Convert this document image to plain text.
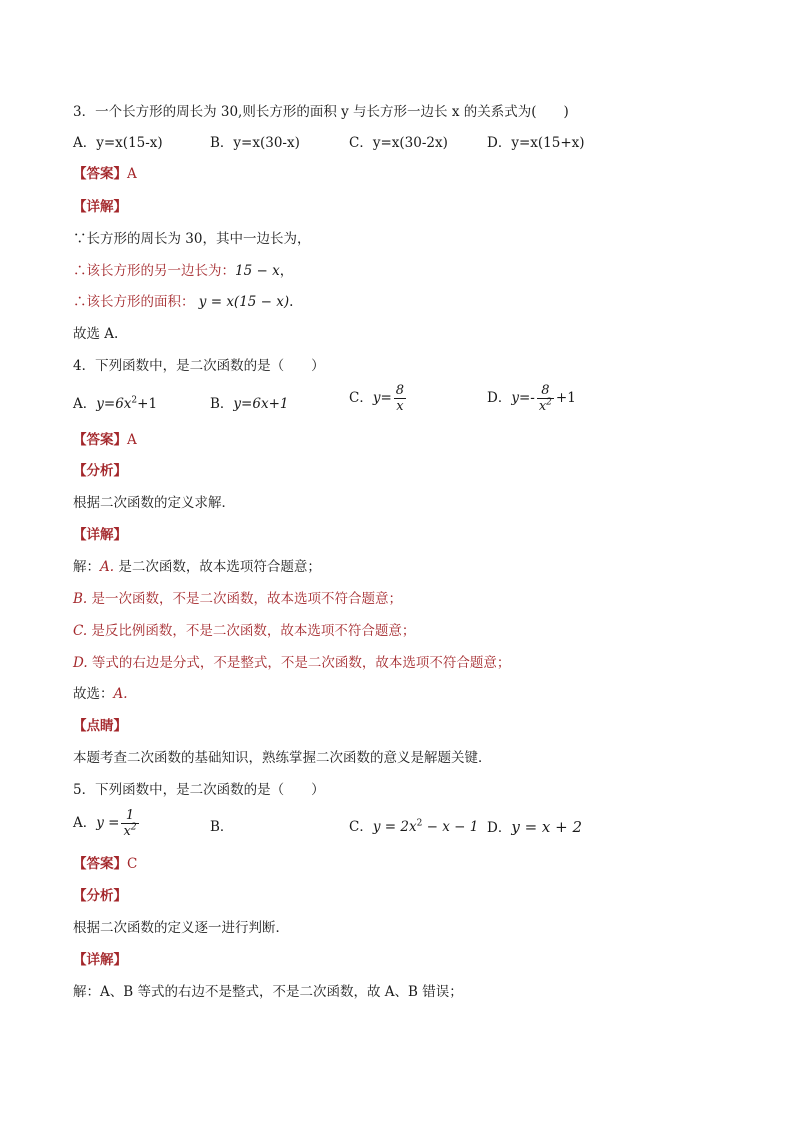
3．一个长方形的周长为 30,则长方形的面积 y 与长方形一边长 x 的关系式为(　　)
A．y=x(15-x)	B．y=x(30-x)	C．y=x(30-2x)	D．y=x(15+x)
【答案】A
【详解】
∵长方形的周长为 30，其中一边长为，
∴该长方形的另一边长为：15 − x，
∴该长方形的面积： y = x(15 − x).
故选 A.
4．下列函数中，是二次函数的是（　　）
A．$y=6x^2+1$	B．y=6x+1	C．$y= \frac{8}{x}$	D．$y=- \frac{8}{x^2} +1$
【答案】A
【分析】
根据二次函数的定义求解．
【详解】
解：A. 是二次函数，故本选项符合题意；
B. 是一次函数，不是二次函数，故本选项不符合题意；
C. 是反比例函数，不是二次函数，故本选项不符合题意；
D. 等式的右边是分式，不是整式，不是二次函数，故本选项不符合题意；
故选：A.
【点睛】
本题考查二次函数的基础知识，熟练掌握二次函数的意义是解题关键．
5．下列函数中，是二次函数的是（　　）
A．$y = \frac{1}{x^2}$	B．	C．$y = 2x^2 - x - 1$ D．y = x + 2
【答案】C
【分析】
根据二次函数的定义逐一进行判断．
【详解】
解：A、B 等式的右边不是整式，不是二次函数，故 A、B 错误；
